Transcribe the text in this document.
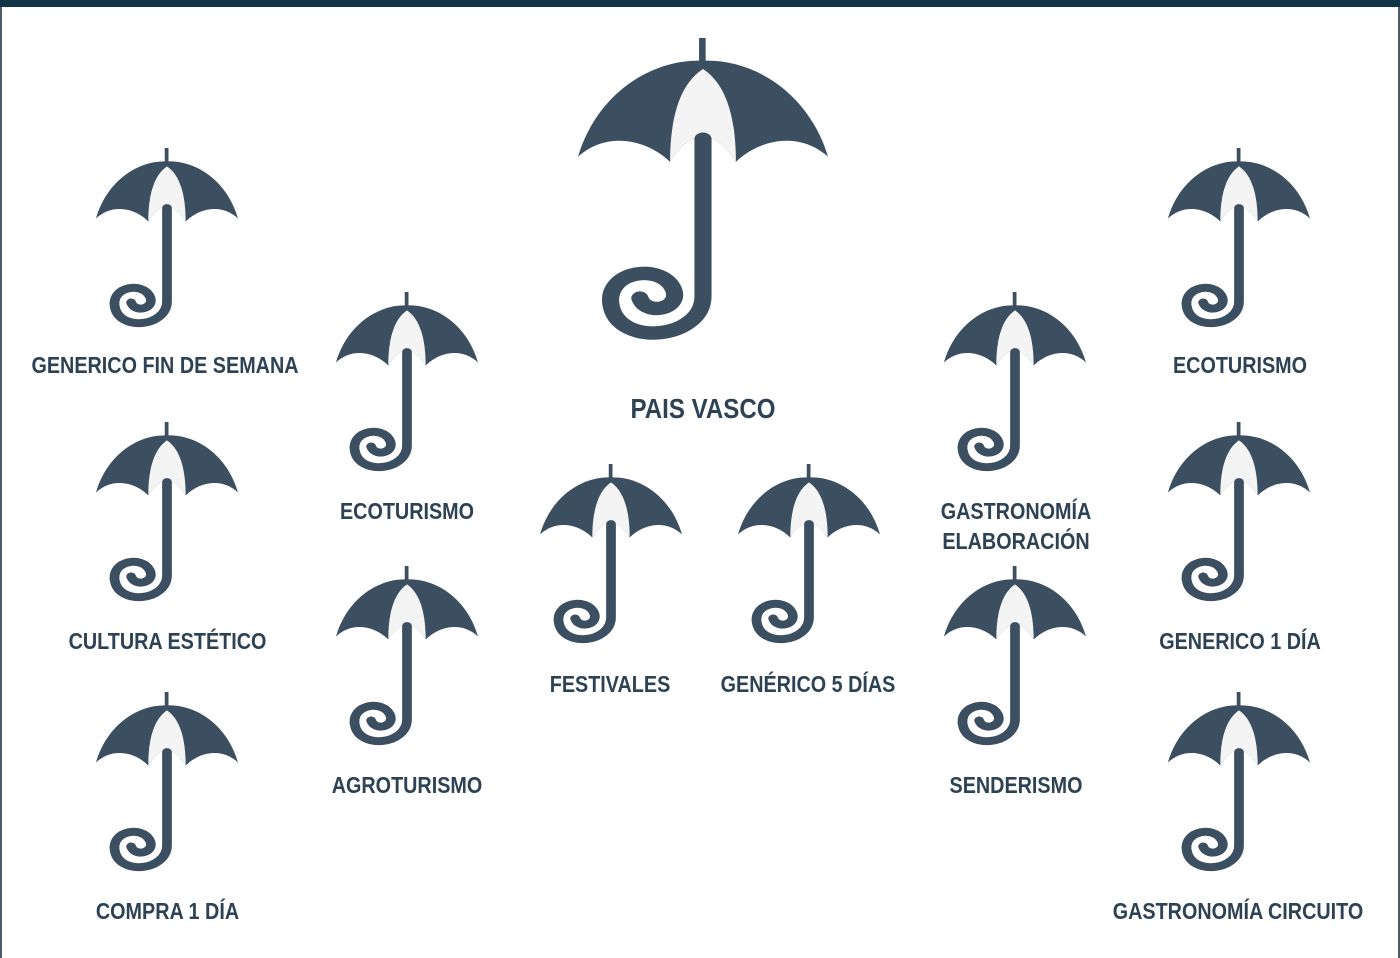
PAIS VASCO
GENERICO FIN DE SEMANA
CULTURA ESTÉTICO
COMPRA 1 DÍA
ECOTURISMO
AGROTURISMO
FESTIVALES	GENÉRICO 5 DÍAS
GASTRONOMÍA
ELABORACIÓN
SENDERISMO
ECOTURISMO
GENERICO 1 DÍA
GASTRONOMÍA CIRCUITO
